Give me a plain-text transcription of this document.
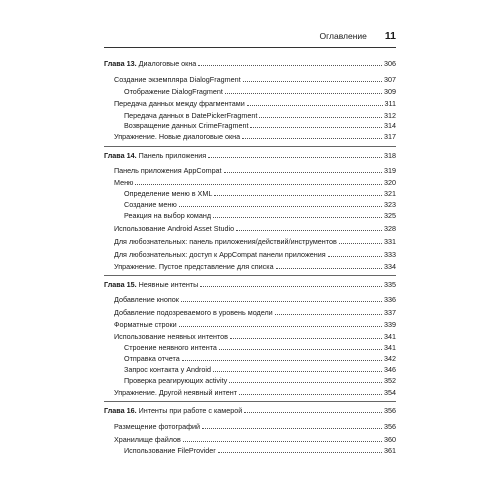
Оглавление 11
Глава 13. Диалоговые окна	306
Создание экземпляра DialogFragment	307
Отображение DialogFragment	309
Передача данных между фрагментами	311
Передача данных в DatePickerFragment	312
Возвращение данных CrimeFragment	314
Упражнение. Новые диалоговые окна	317
Глава 14. Панель приложения	318
Панель приложения AppCompat	319
Меню	320
Определение меню в XML	321
Создание меню	323
Реакция на выбор команд	325
Использование Android Asset Studio	328
Для любознательных: панель приложения/действий/инструментов	331
Для любознательных: доступ к AppCompat панели приложения	333
Упражнение. Пустое представление для списка	334
Глава 15. Неявные интенты	335
Добавление кнопок	336
Добавление подозреваемого в уровень модели	337
Форматные строки	339
Использование неявных интентов	341
Строение неявного интента	341
Отправка отчета	342
Запрос контакта у Android	346
Проверка реагирующих activity	352
Упражнение. Другой неявный интент	354
Глава 16. Интенты при работе с камерой	356
Размещение фотографий	356
Хранилище файлов	360
Использование FileProvider	361
